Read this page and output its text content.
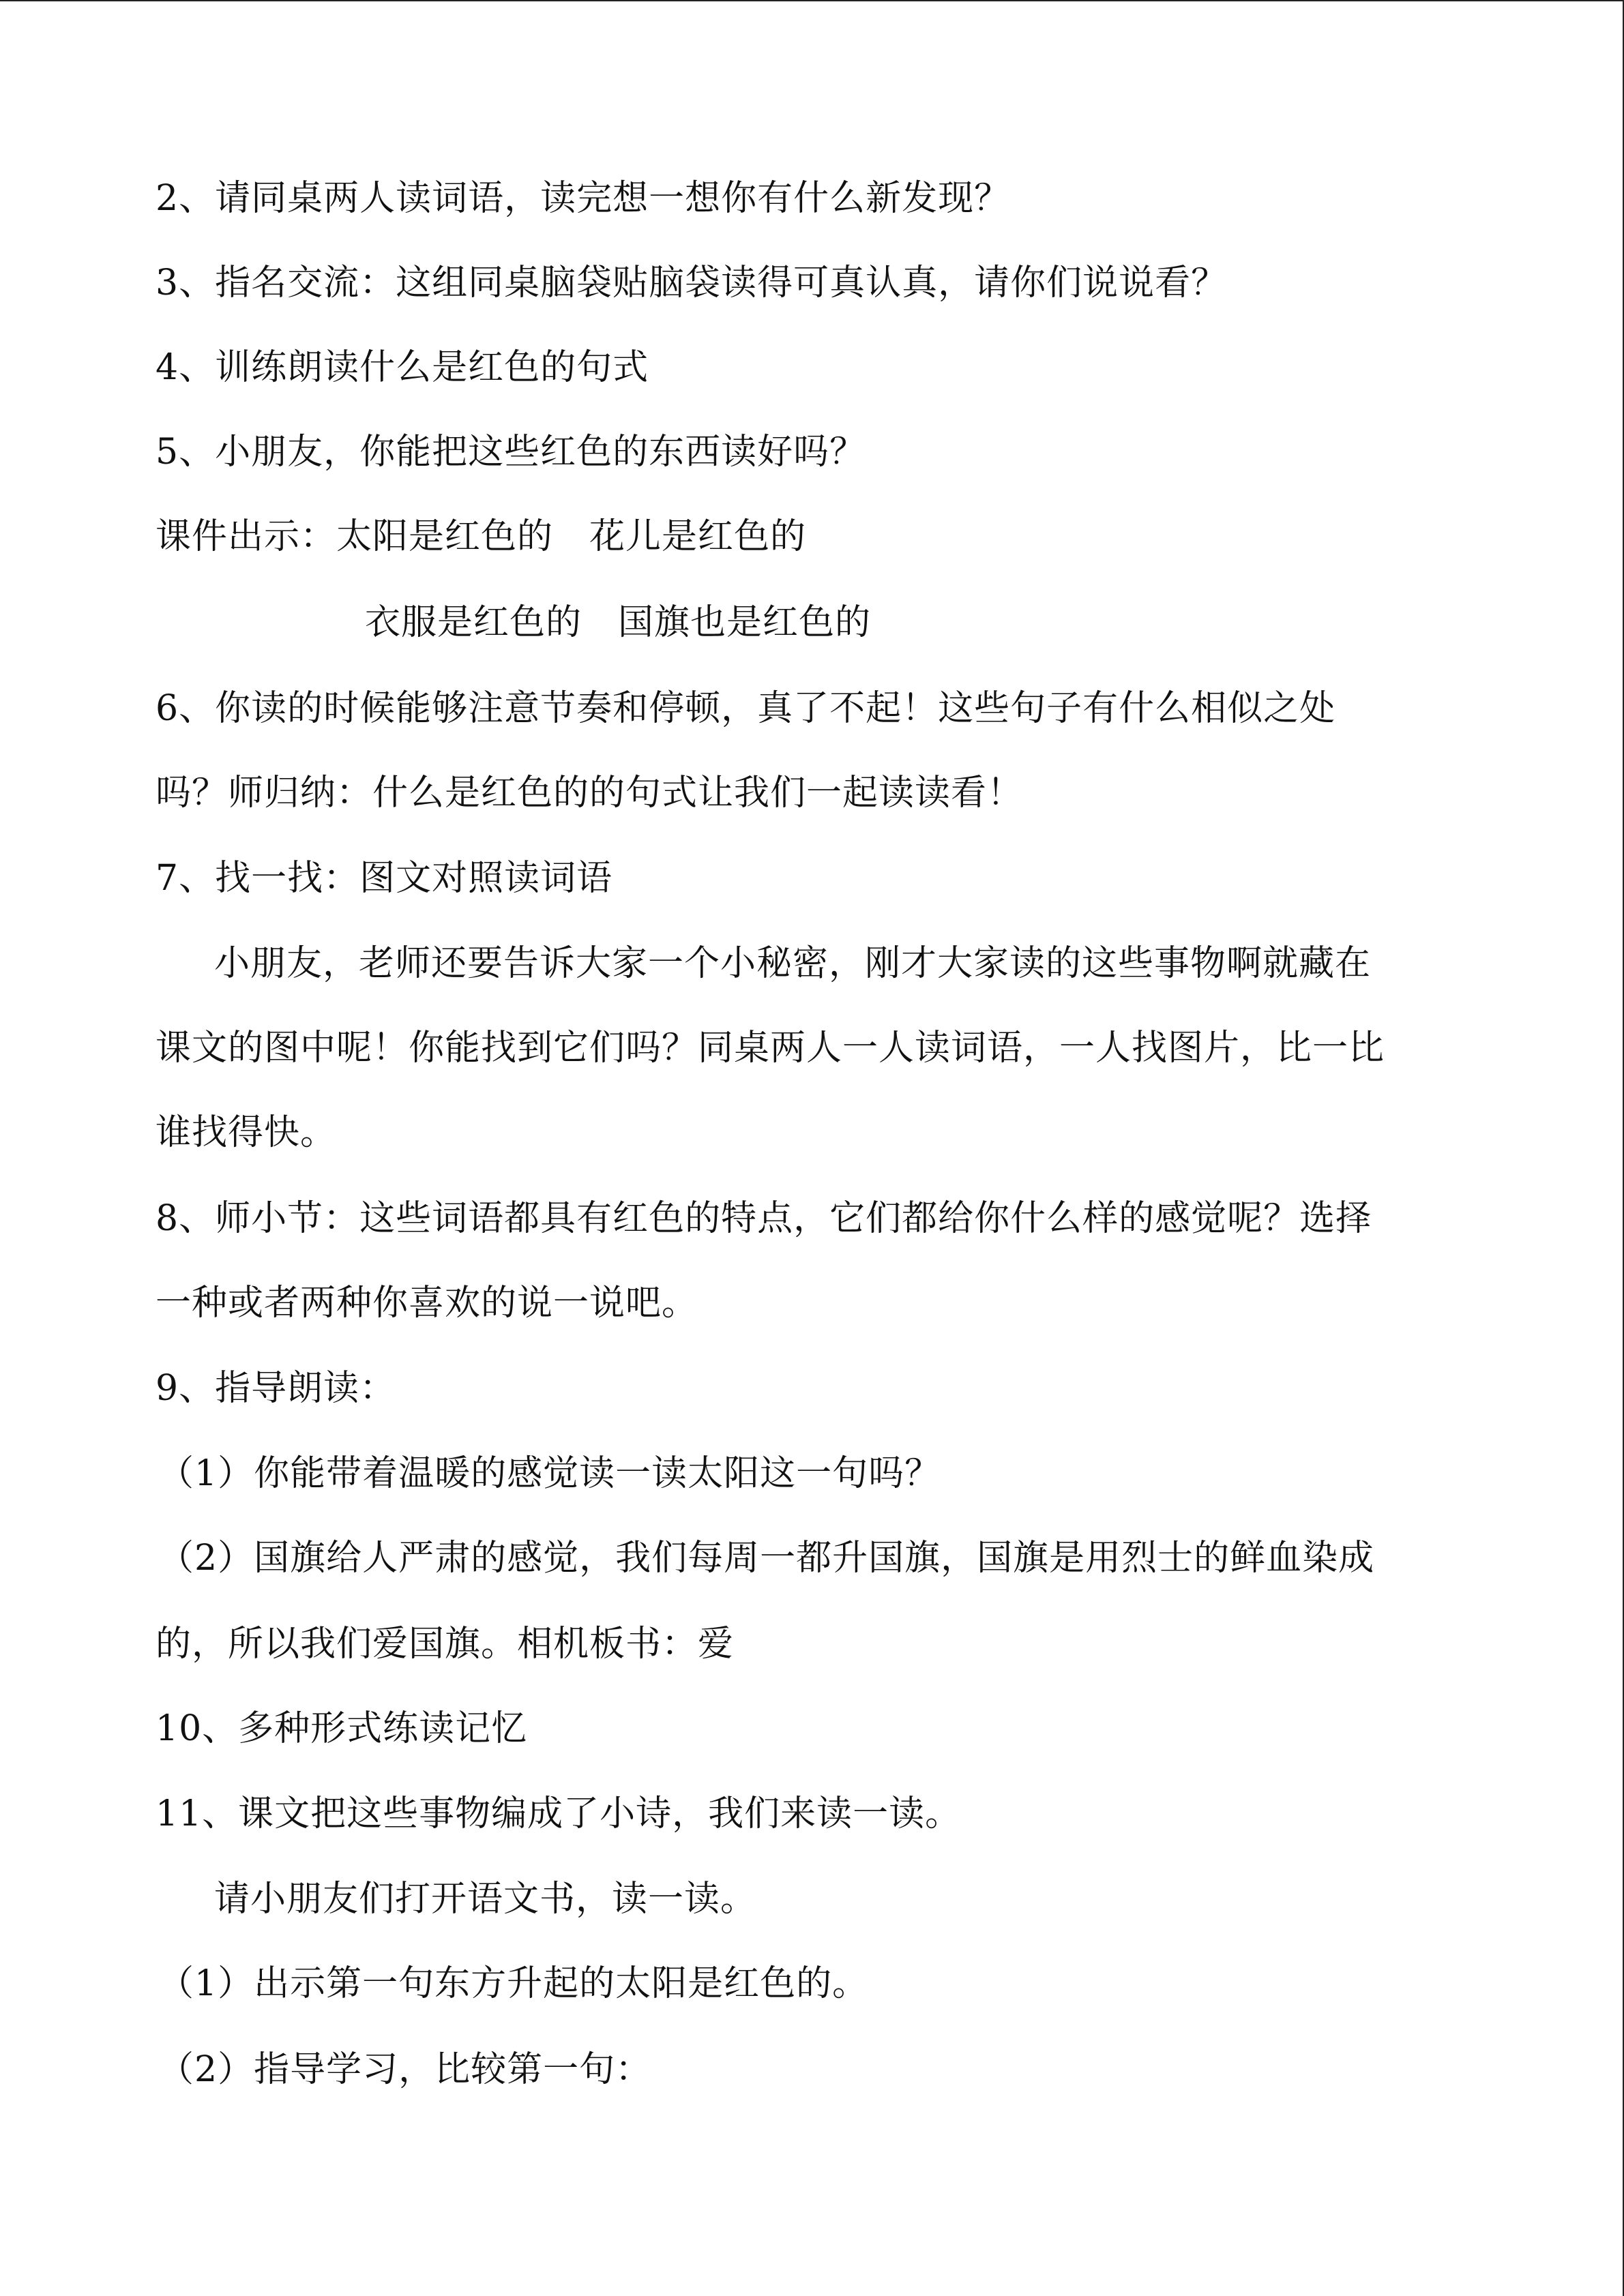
2、请同桌两人读词语，读完想一想你有什么新发现？
3、指名交流：这组同桌脑袋贴脑袋读得可真认真，请你们说说看？
4、训练朗读什么是红色的句式
5、小朋友，你能把这些红色的东西读好吗？
课件出示：太阳是红色的　花儿是红色的
衣服是红色的　国旗也是红色的
6、你读的时候能够注意节奏和停顿，真了不起！这些句子有什么相似之处
吗？师归纳：什么是红色的的句式让我们一起读读看！
7、找一找：图文对照读词语
小朋友，老师还要告诉大家一个小秘密，刚才大家读的这些事物啊就藏在
课文的图中呢！你能找到它们吗？同桌两人一人读词语，一人找图片，比一比
谁找得快。
8、师小节：这些词语都具有红色的特点，它们都给你什么样的感觉呢？选择
一种或者两种你喜欢的说一说吧。
9、指导朗读：
（1）你能带着温暖的感觉读一读太阳这一句吗？
（2）国旗给人严肃的感觉，我们每周一都升国旗，国旗是用烈士的鲜血染成
的，所以我们爱国旗。相机板书：爱
10、多种形式练读记忆
11、课文把这些事物编成了小诗，我们来读一读。
请小朋友们打开语文书，读一读。
（1）出示第一句东方升起的太阳是红色的。
（2）指导学习，比较第一句：
